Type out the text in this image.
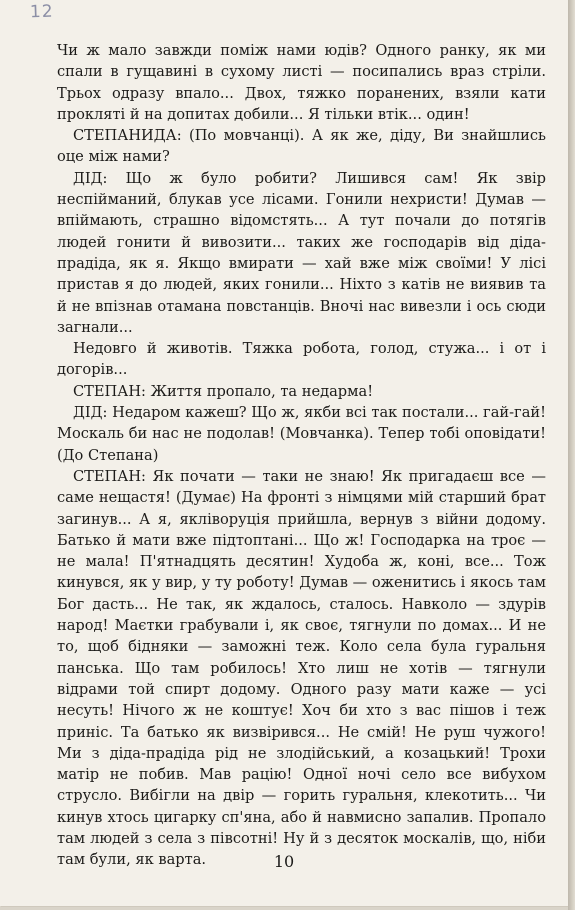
12

Чи ж мало завжди поміж нами юдів? Одного ранку, як ми спали в гущавині в сухому листі — посипались враз стріли. Трьох одразу впало... Двох, тяжко поранених, взяли кати прокляті й на допитах добили... Я тільки втік... один!

СТЕПАНИДА: (По мовчанці). А як же, діду, Ви знайшлись оце між нами?

ДІД: Що ж було робити? Лишився сам! Як звір неспійманий, блукав усе лісами. Гонили нехристи! Думав — впіймають, страшно відомстять... А тут почали до потягів людей гонити й вивозити... таких же господарів від діда-прадіда, як я. Якщо вмирати — хай вже між своїми! У лісі пристав я до людей, яких гонили... Ніхто з катів не виявив та й не впізнав отамана повстанців. Вночі нас вивезли і ось сюди загнали...

Недовго й животів. Тяжка робота, голод, стужа... і от і догорів...

СТЕПАН: Життя пропало, та недарма!

ДІД: Недаром кажеш? Що ж, якби всі так постали... гай-гай! Москаль би нас не подолав! (Мовчанка). Тепер тобі оповідати! (До Степана)

СТЕПАН: Як почати — таки не знаю! Як пригадаєш все — саме нещастя! (Думає) На фронті з німцями мій старший брат загинув... А я, якліворуція прийшла, вернув з війни додому. Батько й мати вже підтоптані... Що ж! Господарка на троє — не мала! П'ятнадцять десятин! Худоба ж, коні, все... Тож кинувся, як у вир, у ту роботу! Думав — оженитись і якось там Бог дасть... Не так, як ждалось, сталось. Навколо — здурів народ! Маєтки грабували і, як своє, тягнули по домах... И не то, щоб бідняки — заможні теж. Коло села була гуральня панська. Що там робилось! Хто лиш не хотів — тягнули відрами той спирт додому. Одного разу мати каже — усі несуть! Нічого ж не коштує! Хоч би хто з вас пішов і теж приніс. Та батько як визвірився... Не смій! Не руш чужого! Ми з діда-прадіда рід не злодійський, а козацький! Трохи матір не побив. Мав рацію! Одної ночі село все вибухом струсло. Вибігли на двір — горить гуральня, клекотить... Чи кинув хтось цигарку сп'яна, або й навмисно запалив. Пропало там людей з села з півсотні! Ну й з десяток москалів, що, ніби там були, як варта.	10
